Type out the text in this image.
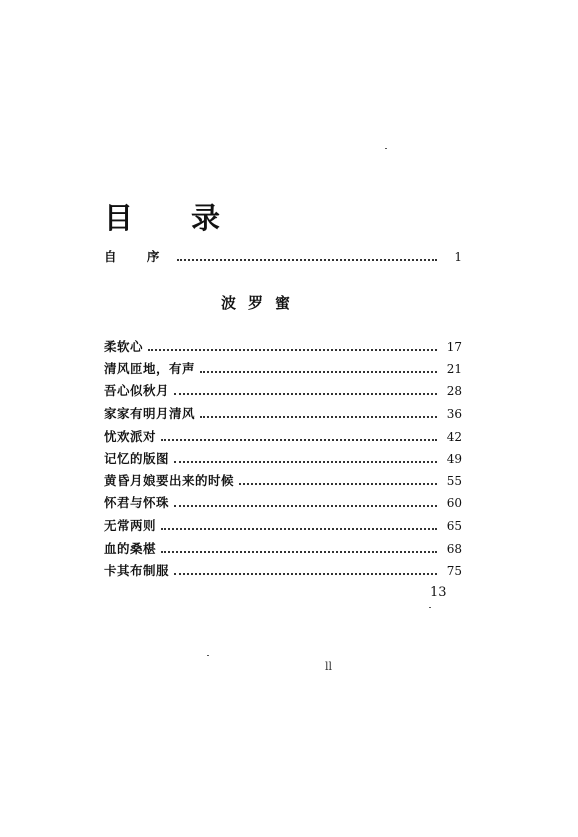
目 录
自 序	1
波罗蜜
柔软心	17
清风匝地，有声	21
吾心似秋月	28
家家有明月清风	36
忧欢派对	42
记忆的版图	49
黄昏月娘要出来的时候	55
怀君与怀珠	60
无常两则	65
血的桑椹	68
卡其布制服	75
13
ll
